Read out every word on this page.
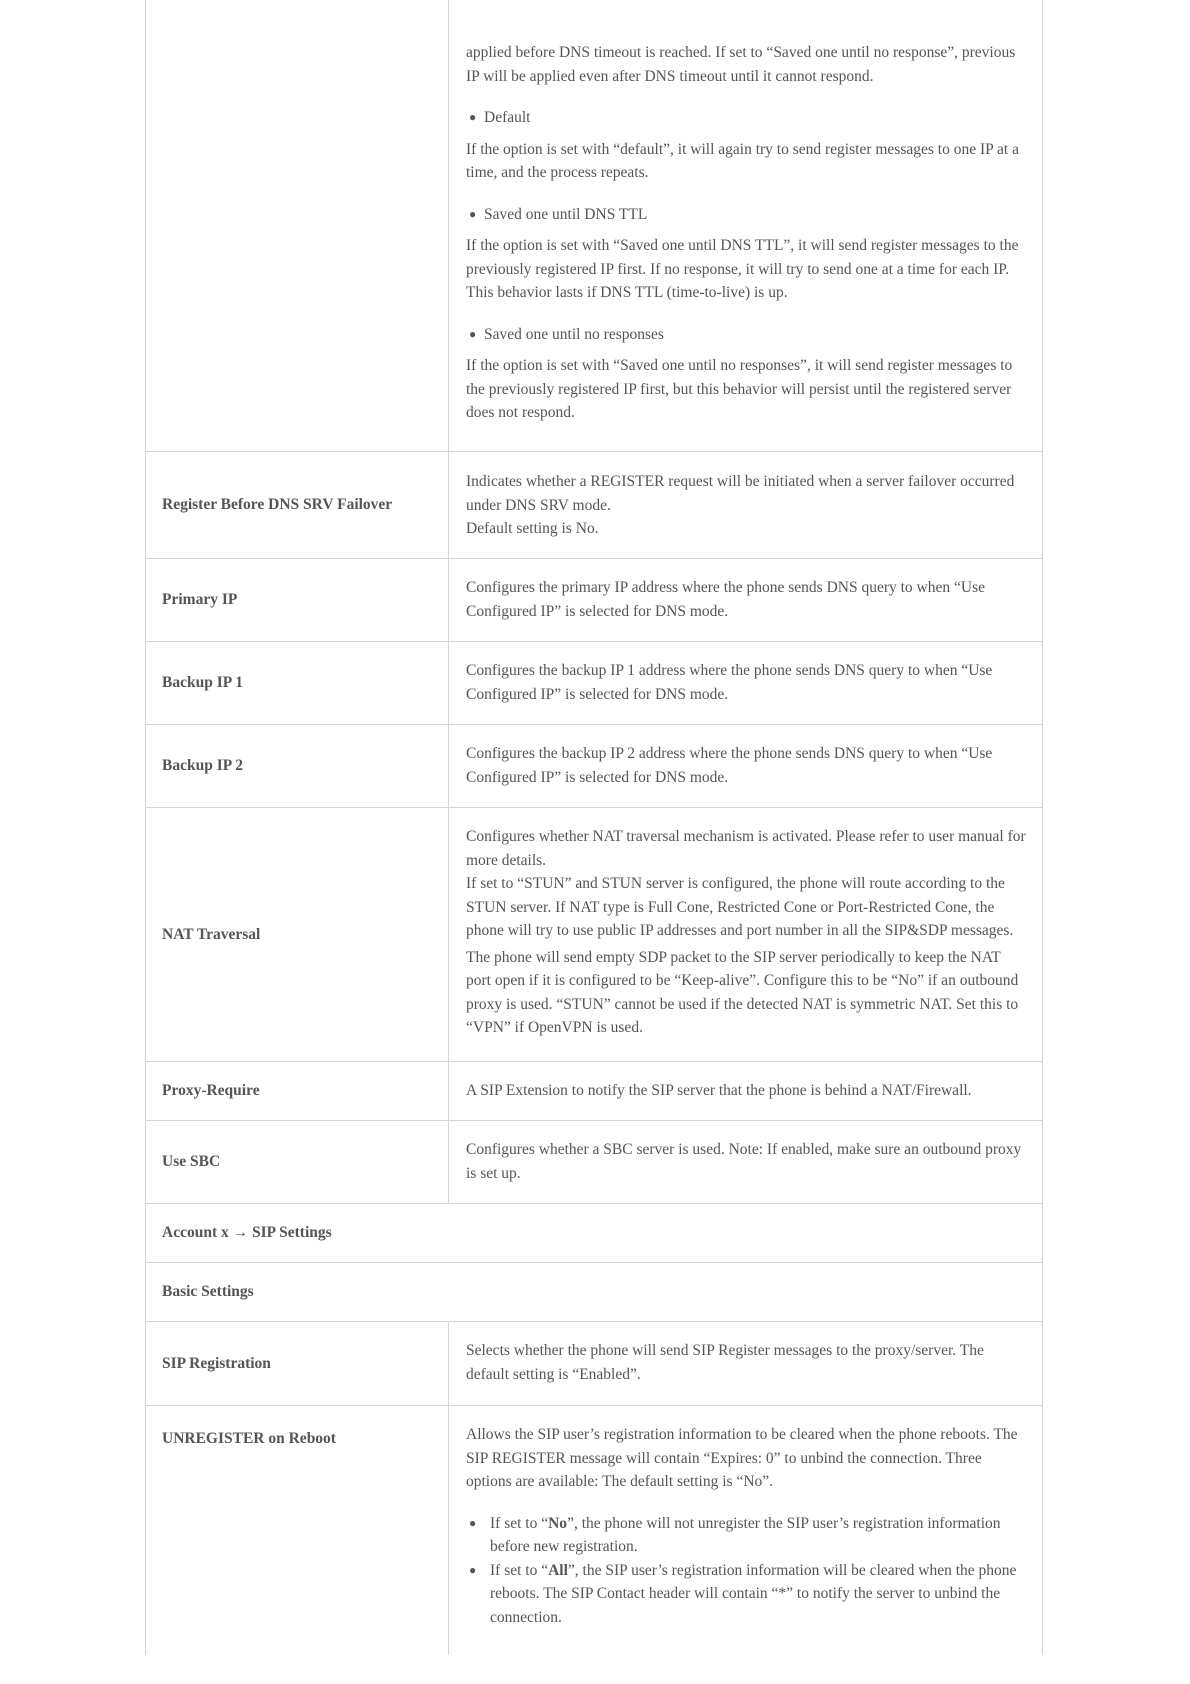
applied before DNS timeout is reached. If set to “Saved one until no response”, previous IP will be applied even after DNS timeout until it cannot respond.

● Default

If the option is set with “default”, it will again try to send register messages to one IP at a time, and the process repeats.

● Saved one until DNS TTL

If the option is set with “Saved one until DNS TTL”, it will send register messages to the previously registered IP first. If no response, it will try to send one at a time for each IP. This behavior lasts if DNS TTL (time-to-live) is up.

● Saved one until no responses

If the option is set with “Saved one until no responses”, it will send register messages to the previously registered IP first, but this behavior will persist until the registered server does not respond.

Register Before DNS SRV Failover

Indicates whether a REGISTER request will be initiated when a server failover occurred under DNS SRV mode.

Default setting is No.

Primary IP

Configures the primary IP address where the phone sends DNS query to when “Use Configured IP” is selected for DNS mode.

Backup IP 1

Configures the backup IP 1 address where the phone sends DNS query to when “Use Configured IP” is selected for DNS mode.

Backup IP 2

Configures the backup IP 2 address where the phone sends DNS query to when “Use Configured IP” is selected for DNS mode.

NAT Traversal

Configures whether NAT traversal mechanism is activated. Please refer to user manual for more details.

If set to “STUN” and STUN server is configured, the phone will route according to the STUN server. If NAT type is Full Cone, Restricted Cone or Port-Restricted Cone, the phone will try to use public IP addresses and port number in all the SIP&SDP messages.

The phone will send empty SDP packet to the SIP server periodically to keep the NAT port open if it is configured to be “Keep-alive”. Configure this to be “No” if an outbound proxy is used. “STUN” cannot be used if the detected NAT is symmetric NAT. Set this to “VPN” if OpenVPN is used.

Proxy-Require	A SIP Extension to notify the SIP server that the phone is behind a NAT/Firewall.

Use SBC

Configures whether a SBC server is used. Note: If enabled, make sure an outbound proxy is set up.

Account x → SIP Settings
Basic Settings
SIP Registration

Selects whether the phone will send SIP Register messages to the proxy/server. The default setting is “Enabled”.

UNREGISTER on Reboot	Allows the SIP user’s registration information to be cleared when the phone reboots. The SIP REGISTER message will contain “Expires: 0” to unbind the connection. Three options are available: The default setting is “No”.

● If set to “No”, the phone will not unregister the SIP user’s registration information before new registration.
● If set to “All”, the SIP user’s registration information will be cleared when the phone reboots. The SIP Contact header will contain “*” to notify the server to unbind the connection.
